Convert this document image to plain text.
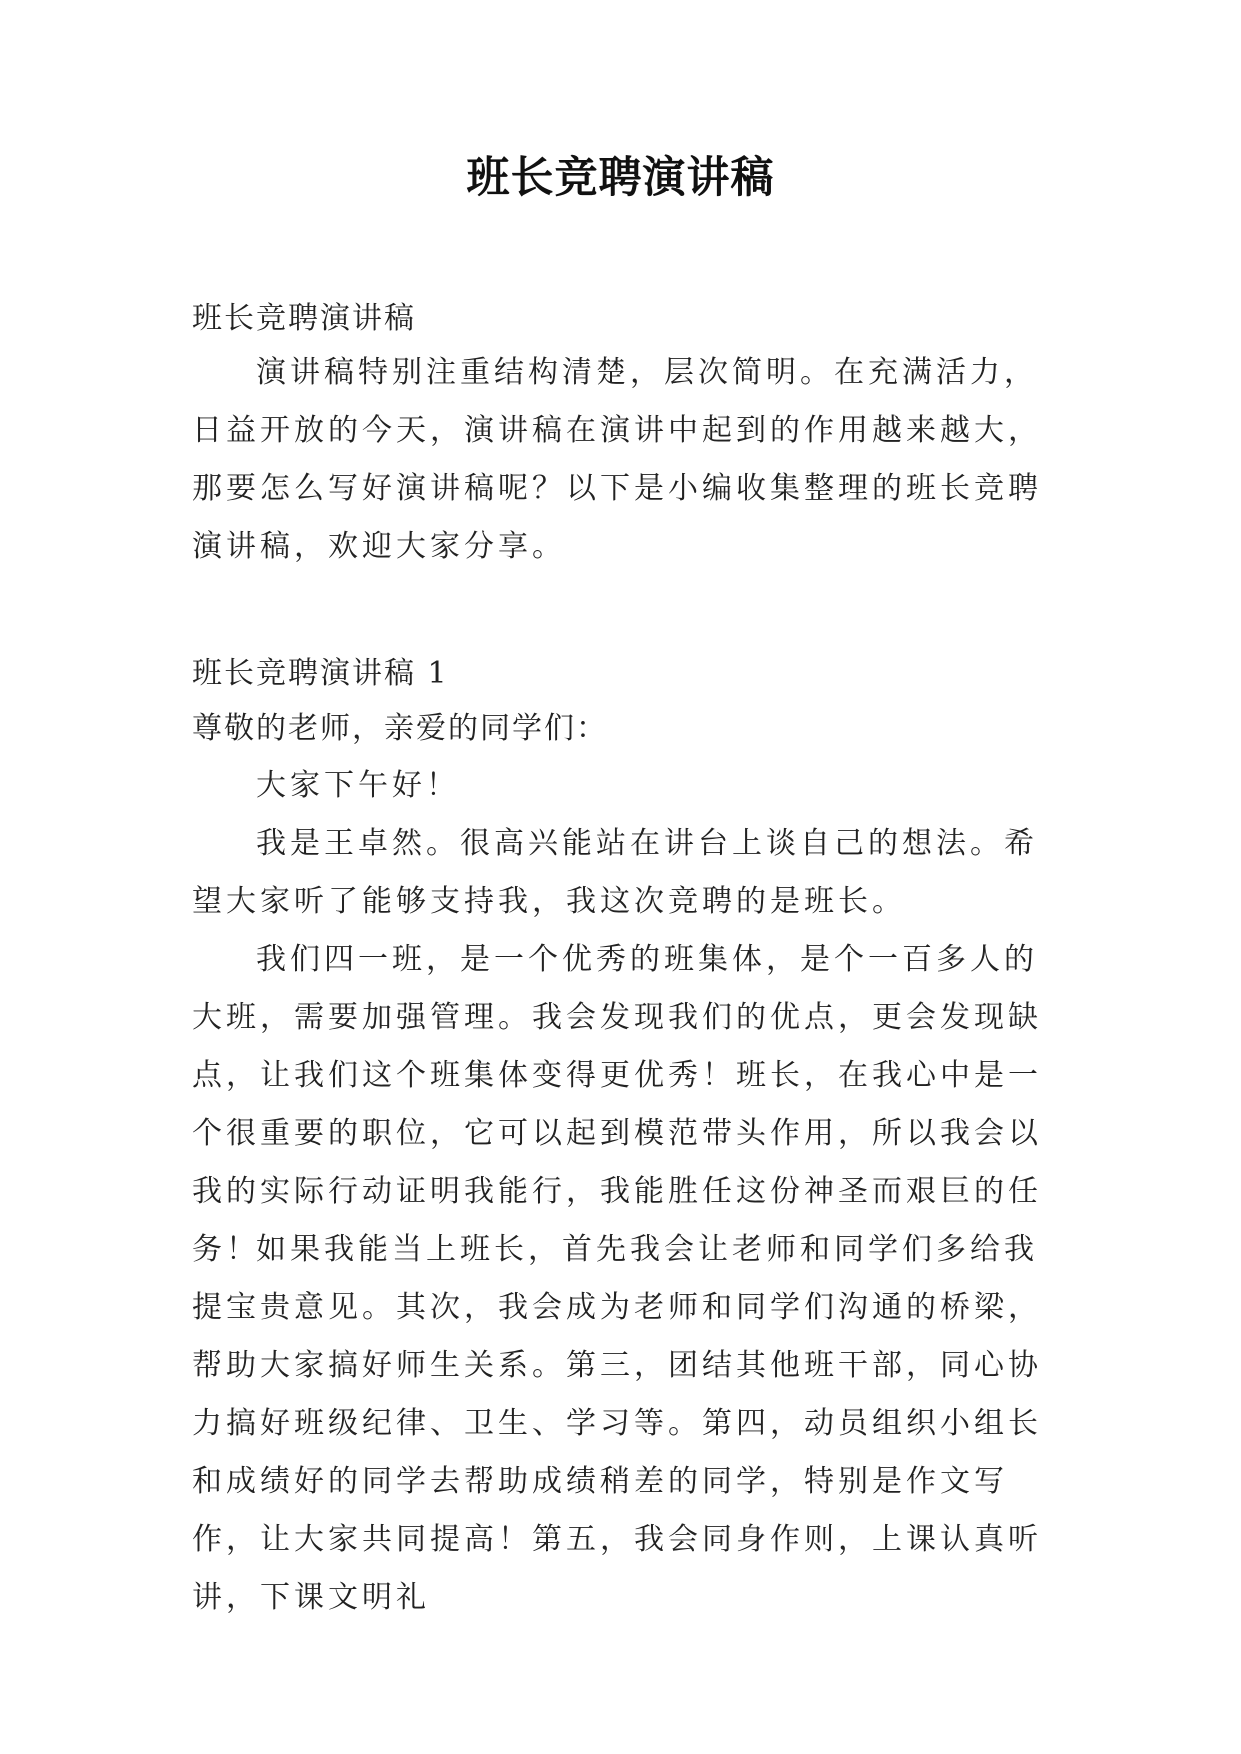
班长竞聘演讲稿

班长竞聘演讲稿

演讲稿特别注重结构清楚，层次简明。在充满活力，日益开放的今天，演讲稿在演讲中起到的作用越来越大，那要怎么写好演讲稿呢？以下是小编收集整理的班长竞聘演讲稿，欢迎大家分享。

班长竞聘演讲稿 1

尊敬的老师，亲爱的同学们：

大家下午好！

我是王卓然。很高兴能站在讲台上谈自己的想法。希望大家听了能够支持我，我这次竞聘的是班长。

我们四一班，是一个优秀的班集体，是个一百多人的大班，需要加强管理。我会发现我们的优点，更会发现缺点，让我们这个班集体变得更优秀！班长，在我心中是一个很重要的职位，它可以起到模范带头作用，所以我会以我的实际行动证明我能行，我能胜任这份神圣而艰巨的任务！

如果我能当上班长，首先我会让老师和同学们多给我提宝贵意见。其次，我会成为老师和同学们沟通的桥梁，帮助大家搞好师生关系。第三，团结其他班干部，同心协力搞好班级纪律、卫生、学习等。第四，动员组织小组长和成绩好的同学去帮助成绩稍差的同学，特别是作文写作，让大家共同提高！第五，我会同身作则，上课认真听讲，下课文明礼
